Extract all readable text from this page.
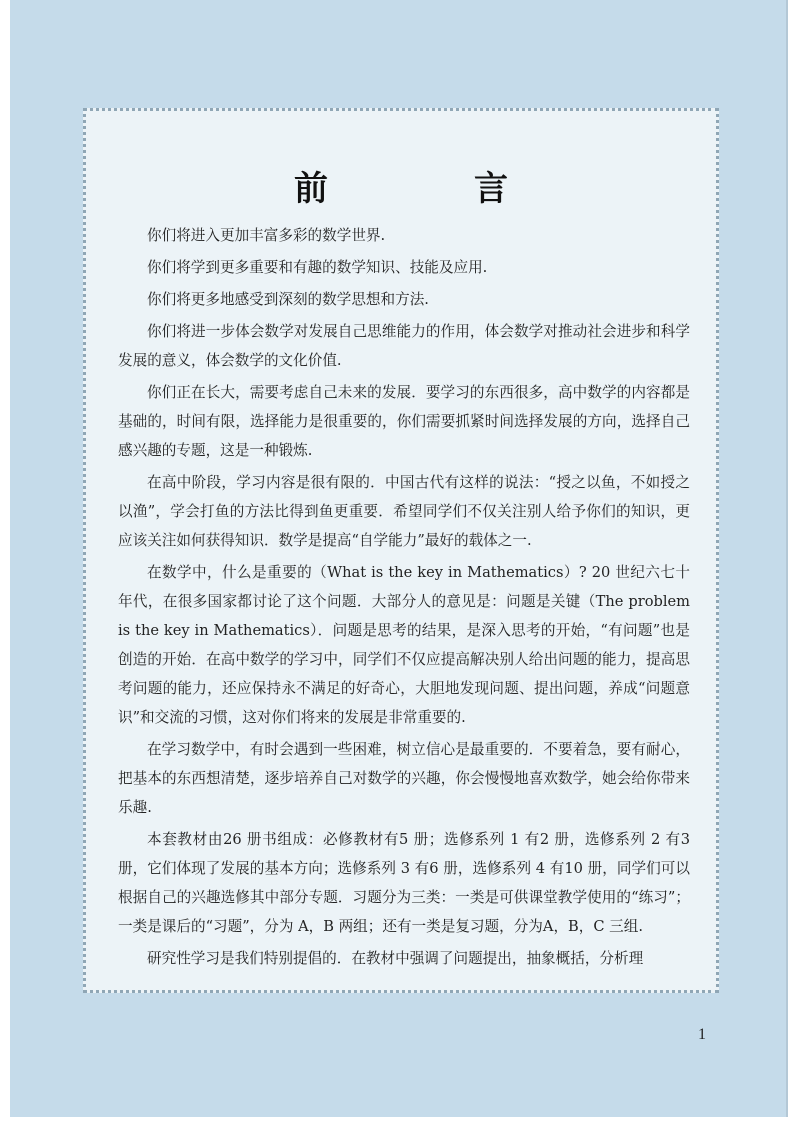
前　言

你们将进入更加丰富多彩的数学世界.

你们将学到更多重要和有趣的数学知识、技能及应用.

你们将更多地感受到深刻的数学思想和方法.

你们将进一步体会数学对发展自己思维能力的作用，体会数学对推动社会进步和科学发展的意义，体会数学的文化价值.

你们正在长大，需要考虑自己未来的发展．要学习的东西很多，高中数学的内容都是基础的，时间有限，选择能力是很重要的，你们需要抓紧时间选择发展的方向，选择自己感兴趣的专题，这是一种锻炼.

在高中阶段，学习内容是很有限的．中国古代有这样的说法：“授之以鱼，不如授之以渔”，学会打鱼的方法比得到鱼更重要．希望同学们不仅关注别人给予你们的知识，更应该关注如何获得知识．数学是提高“自学能力”最好的载体之一.

在数学中，什么是重要的（What is the key in Mathematics）? 20 世纪六七十年代，在很多国家都讨论了这个问题．大部分人的意见是：问题是关键（The problem is the key in Mathematics）．问题是思考的结果，是深入思考的开始，“有问题”也是创造的开始．在高中数学的学习中，同学们不仅应提高解决别人给出问题的能力，提高思考问题的能力，还应保持永不满足的好奇心，大胆地发现问题、提出问题，养成“问题意识”和交流的习惯，这对你们将来的发展是非常重要的.

在学习数学中，有时会遇到一些困难，树立信心是最重要的．不要着急，要有耐心，把基本的东西想清楚，逐步培养自己对数学的兴趣，你会慢慢地喜欢数学，她会给你带来乐趣.

本套教材由26 册书组成：必修教材有5 册；选修系列 1 有2 册，选修系列 2 有3 册，它们体现了发展的基本方向；选修系列 3 有6 册，选修系列 4 有10 册，同学们可以根据自己的兴趣选修其中部分专题．习题分为三类：一类是可供课堂教学使用的“练习”；一类是课后的“习题”，分为 A，B 两组；还有一类是复习题，分为A，B，C 三组.

研究性学习是我们特别提倡的．在教材中强调了问题提出，抽象概括，分析理

1
